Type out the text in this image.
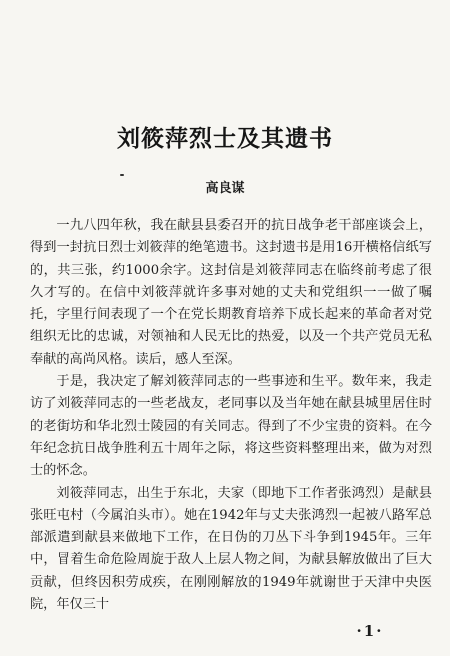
刘筱萍烈士及其遗书
高良谋

一九八四年秋，我在献县县委召开的抗日战争老干部座谈会上，得到一封抗日烈士刘筱萍的绝笔遗书。这封遗书是用16开横格信纸写的，共三张，约1000余字。这封信是刘筱萍同志在临终前考虑了很久才写的。在信中刘筱萍就许多事对她的丈夫和党组织一一做了嘱托，字里行间表现了一个在党长期教育培养下成长起来的革命者对党组织无比的忠诚，对领袖和人民无比的热爱，以及一个共产党员无私奉献的高尚风格。读后，感人至深。

于是，我决定了解刘筱萍同志的一些事迹和生平。数年来，我走访了刘筱萍同志的一些老战友，老同事以及当年她在献县城里居住时的老街坊和华北烈士陵园的有关同志。得到了不少宝贵的资料。在今年纪念抗日战争胜利五十周年之际，将这些资料整理出来，做为对烈士的怀念。

刘筱萍同志，出生于东北，夫家（即地下工作者张鸿烈）是献县张旺屯村（今属泊头市）。她在1942年与丈夫张鸿烈一起被八路军总部派遣到献县来做地下工作，在日伪的刀丛下斗争到1945年。三年中，冒着生命危险周旋于敌人上层人物之间，为献县解放做出了巨大贡献，但终因积劳成疾，在刚刚解放的1949年就谢世于天津中央医院，年仅三十

·1·
